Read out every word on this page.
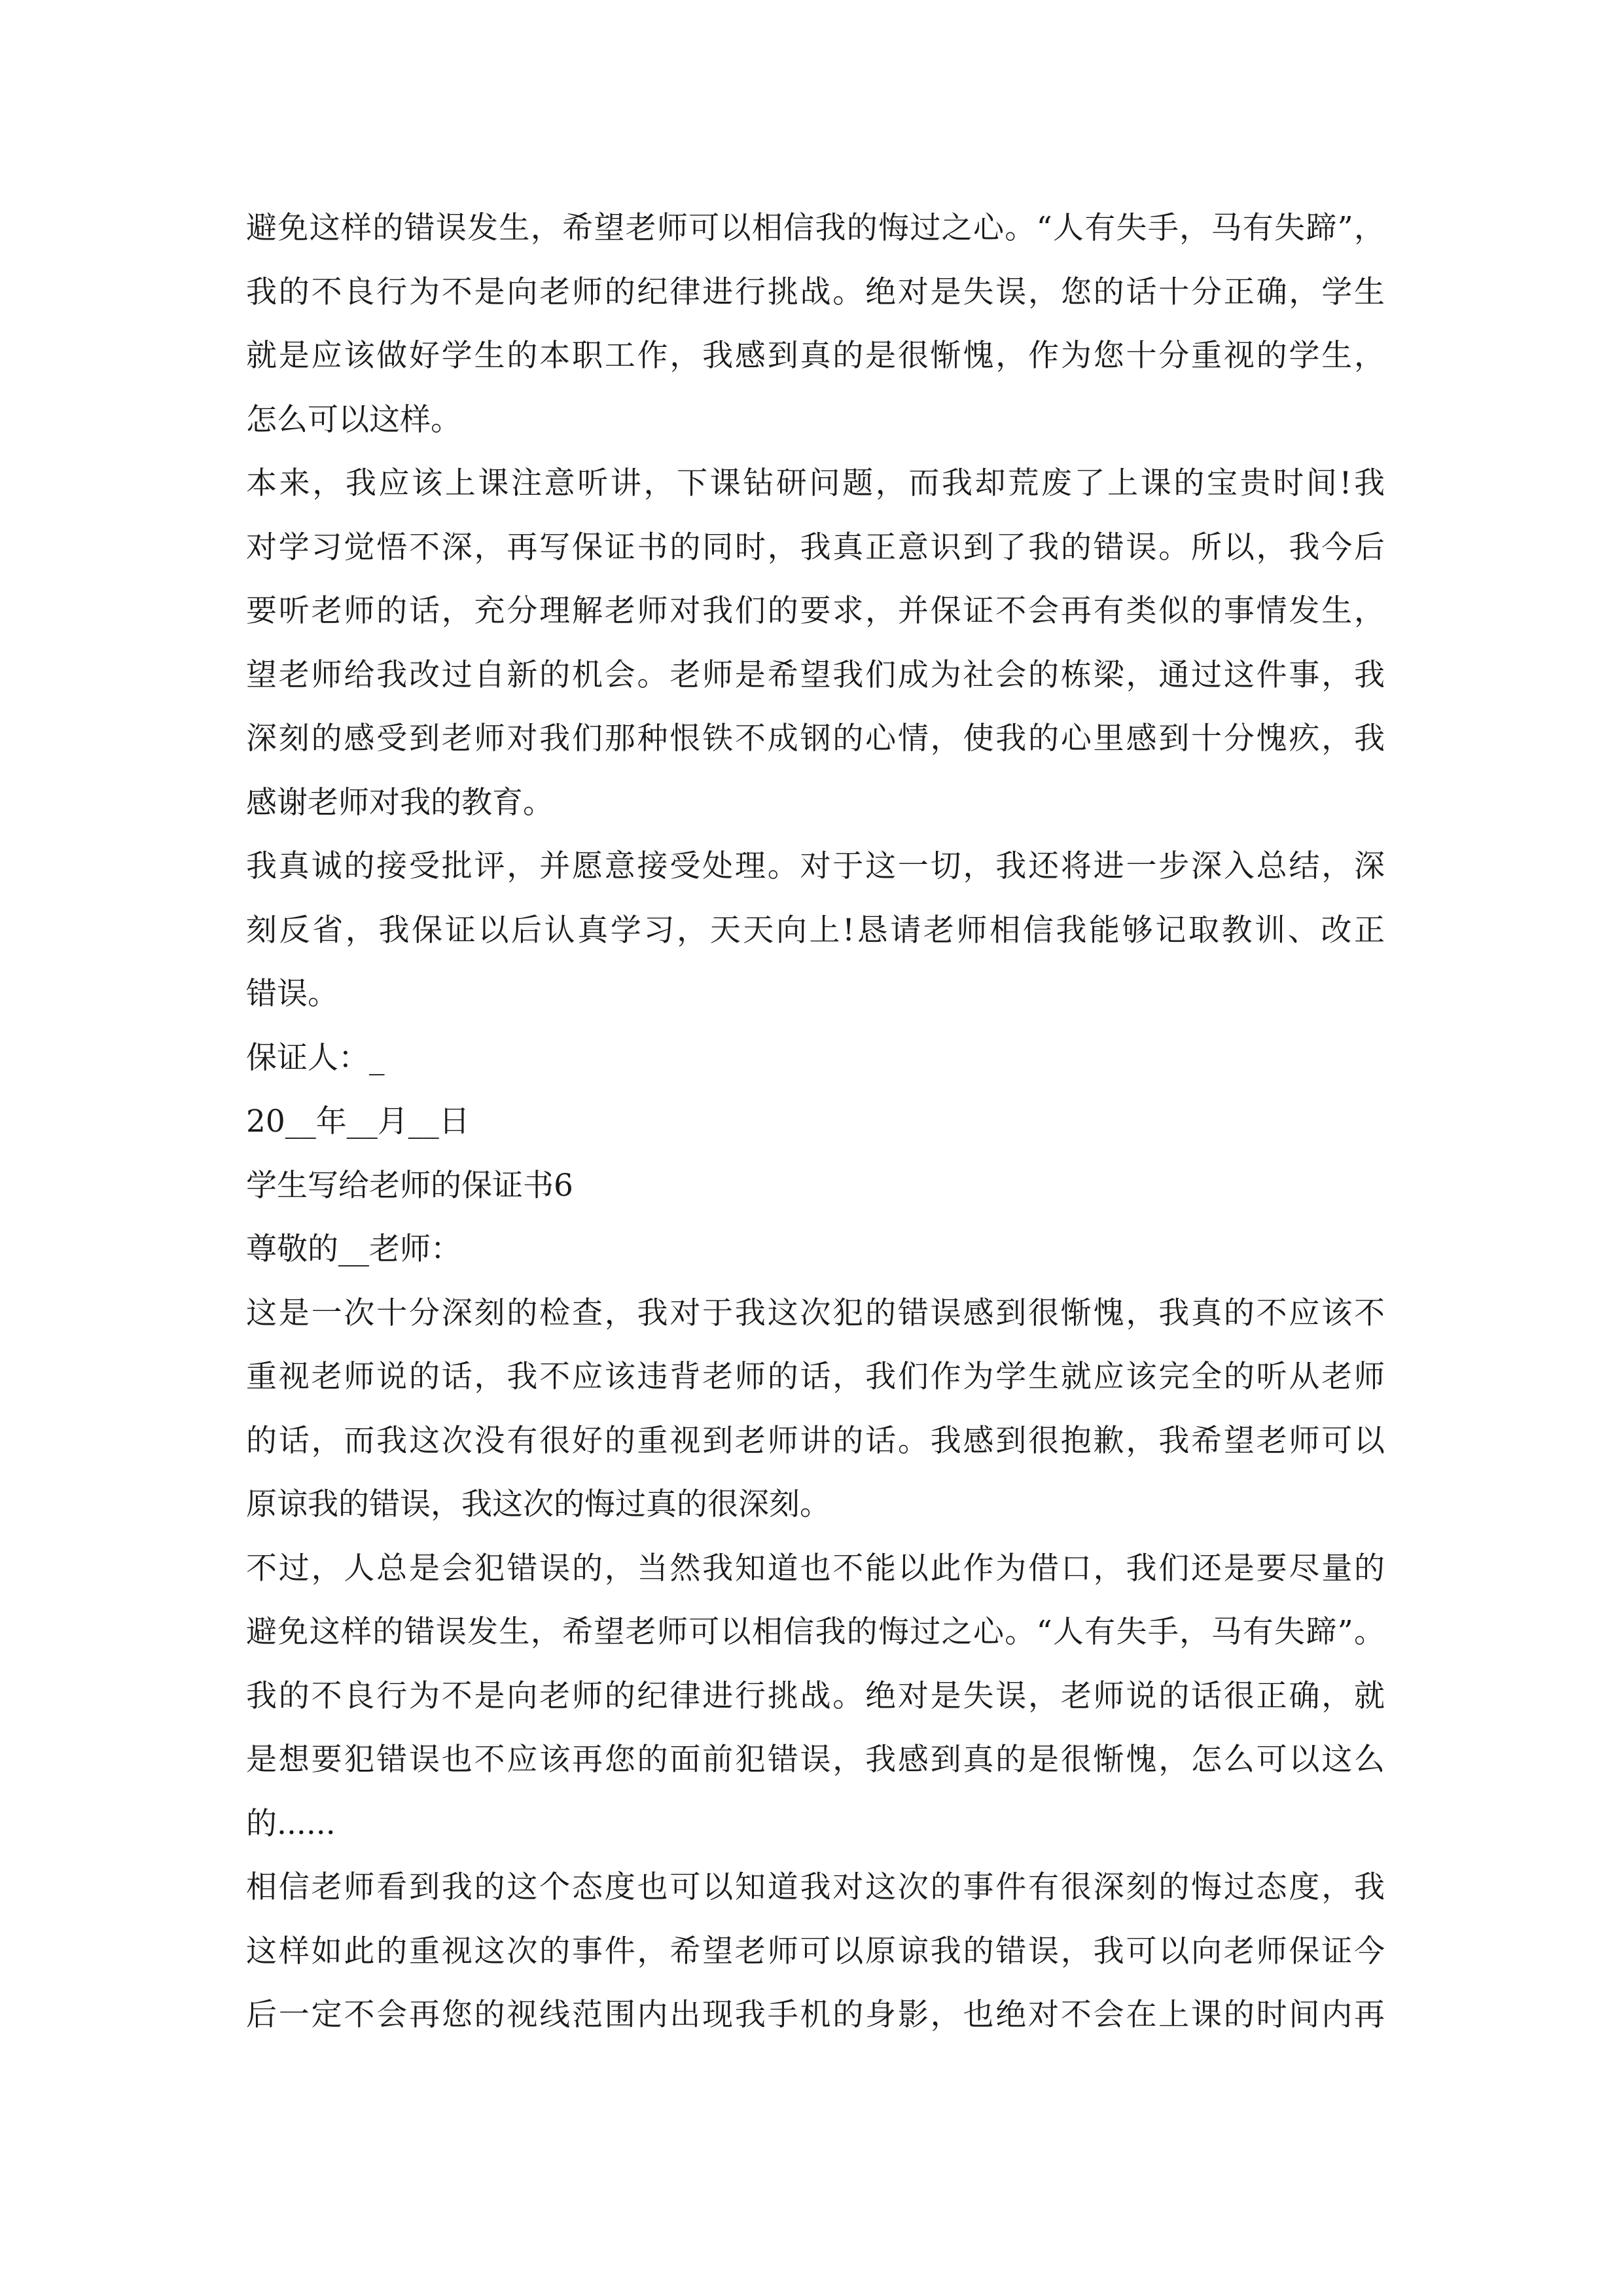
避免这样的错误发生，希望老师可以相信我的悔过之心。“人有失手，马有失蹄”，
我的不良行为不是向老师的纪律进行挑战。绝对是失误，您的话十分正确，学生
就是应该做好学生的本职工作，我感到真的是很惭愧，作为您十分重视的学生，
怎么可以这样。
本来，我应该上课注意听讲，下课钻研问题，而我却荒废了上课的宝贵时间!我
对学习觉悟不深，再写保证书的同时，我真正意识到了我的错误。所以，我今后
要听老师的话，充分理解老师对我们的要求，并保证不会再有类似的事情发生，
望老师给我改过自新的机会。老师是希望我们成为社会的栋梁，通过这件事，我
深刻的感受到老师对我们那种恨铁不成钢的心情，使我的心里感到十分愧疚，我
感谢老师对我的教育。
我真诚的接受批评，并愿意接受处理。对于这一切，我还将进一步深入总结，深
刻反省，我保证以后认真学习，天天向上!恳请老师相信我能够记取教训、改正
错误。
保证人：_
20__年__月__日
学生写给老师的保证书6
尊敬的__老师：
这是一次十分深刻的检查，我对于我这次犯的错误感到很惭愧，我真的不应该不
重视老师说的话，我不应该违背老师的话，我们作为学生就应该完全的听从老师
的话，而我这次没有很好的重视到老师讲的话。我感到很抱歉，我希望老师可以
原谅我的错误，我这次的悔过真的很深刻。
不过，人总是会犯错误的，当然我知道也不能以此作为借口，我们还是要尽量的
避免这样的错误发生，希望老师可以相信我的悔过之心。“人有失手，马有失蹄”。
我的不良行为不是向老师的纪律进行挑战。绝对是失误，老师说的话很正确，就
是想要犯错误也不应该再您的面前犯错误，我感到真的是很惭愧，怎么可以这么
的......
相信老师看到我的这个态度也可以知道我对这次的事件有很深刻的悔过态度，我
这样如此的重视这次的事件，希望老师可以原谅我的错误，我可以向老师保证今
后一定不会再您的视线范围内出现我手机的身影，也绝对不会在上课的时间内再
